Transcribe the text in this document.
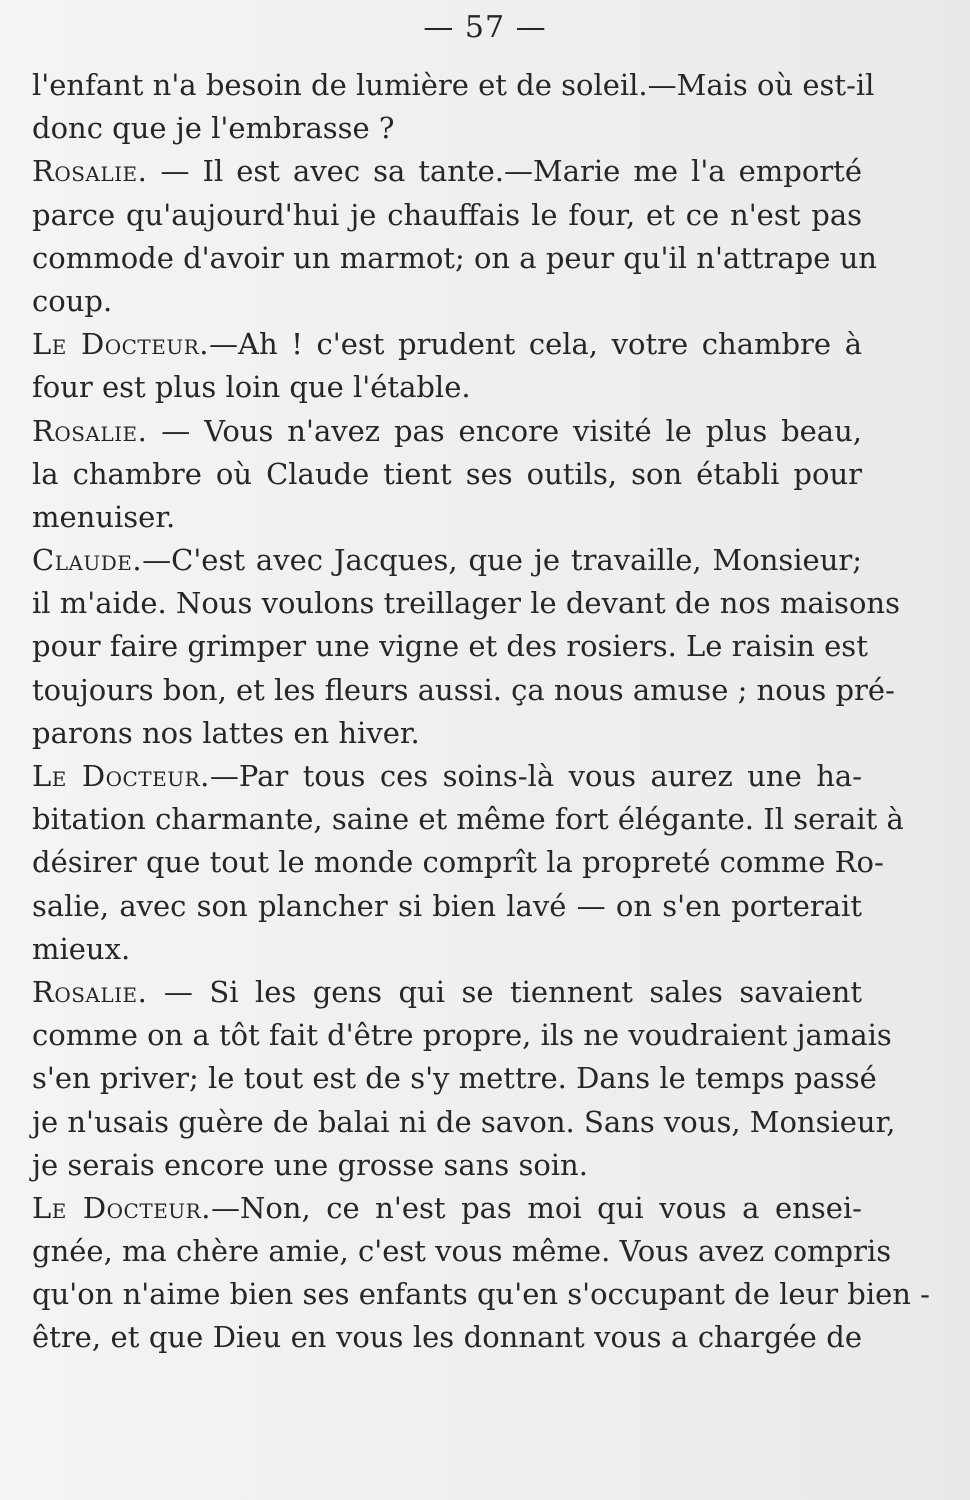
— 57 —
l'enfant n'a besoin de lumière et de soleil.—Mais où est-il
donc que je l'embrasse ?
Rosalie. — Il est avec sa tante.—Marie me l'a emporté
parce qu'aujourd'hui je chauffais le four, et ce n'est pas
commode d'avoir un marmot; on a peur qu'il n'attrape un
coup.
Le Docteur.—Ah ! c'est prudent cela, votre chambre à
four est plus loin que l'étable.
Rosalie. — Vous n'avez pas encore visité le plus beau,
la chambre où Claude tient ses outils, son établi pour
menuiser.
Claude.—C'est avec Jacques, que je travaille, Monsieur;
il m'aide. Nous voulons treillager le devant de nos maisons
pour faire grimper une vigne et des rosiers. Le raisin est
toujours bon, et les fleurs aussi. ça nous amuse ; nous pré-
parons nos lattes en hiver.
Le Docteur.—Par tous ces soins-là vous aurez une ha-
bitation charmante, saine et même fort élégante. Il serait à
désirer que tout le monde comprît la propreté comme Ro-
salie, avec son plancher si bien lavé — on s'en porterait
mieux.
Rosalie. — Si les gens qui se tiennent sales savaient
comme on a tôt fait d'être propre, ils ne voudraient jamais
s'en priver; le tout est de s'y mettre. Dans le temps passé
je n'usais guère de balai ni de savon. Sans vous, Monsieur,
je serais encore une grosse sans soin.
Le Docteur.—Non, ce n'est pas moi qui vous a ensei-
gnée, ma chère amie, c'est vous même. Vous avez compris
qu'on n'aime bien ses enfants qu'en s'occupant de leur bien -
être, et que Dieu en vous les donnant vous a chargée de
